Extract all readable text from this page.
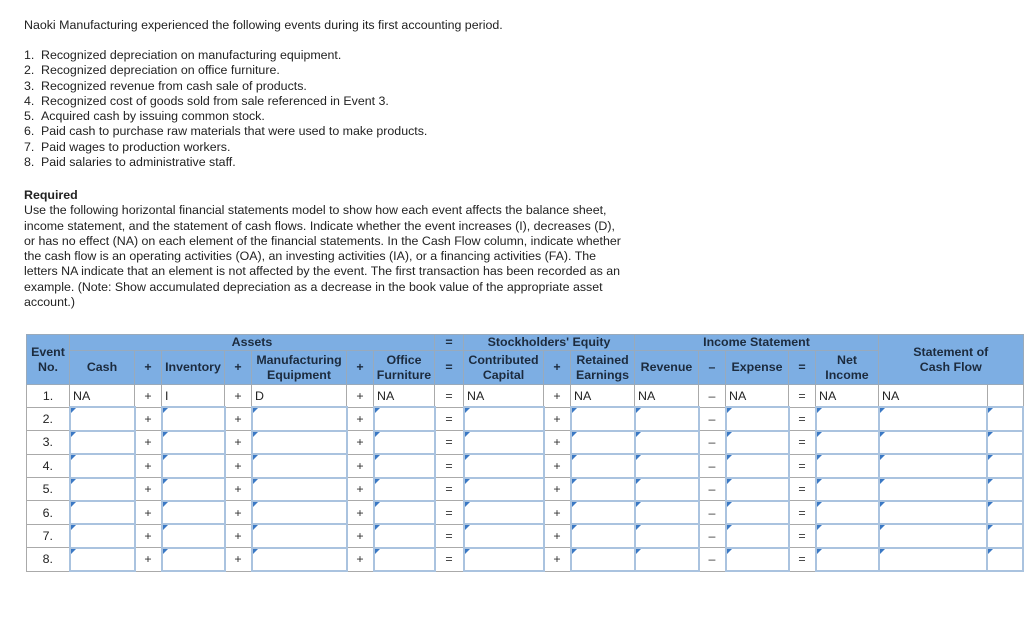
Naoki Manufacturing experienced the following events during its first accounting period.
1. Recognized depreciation on manufacturing equipment.
2. Recognized depreciation on office furniture.
3. Recognized revenue from cash sale of products.
4. Recognized cost of goods sold from sale referenced in Event 3.
5. Acquired cash by issuing common stock.
6. Paid cash to purchase raw materials that were used to make products.
7. Paid wages to production workers.
8. Paid salaries to administrative staff.
Required
Use the following horizontal financial statements model to show how each event affects the balance sheet, income statement, and the statement of cash flows. Indicate whether the event increases (I), decreases (D), or has no effect (NA) on each element of the financial statements. In the Cash Flow column, indicate whether the cash flow is an operating activities (OA), an investing activities (IA), or a financing activities (FA). The letters NA indicate that an element is not affected by the event. The first transaction has been recorded as an example. (Note: Show accumulated depreciation as a decrease in the book value of the appropriate asset account.)
Event No.	Assets							=	Stockholders' Equity			Income Statement					Statement of Cash Flow	
	Cash	+	Inventory	+	Manufacturing Equipment	+	Office Furniture	=	Contributed Capital	+	Retained Earnings	Revenue	–	Expense	=	Net Income		
1.	NA	+	I	+	D	+	NA	=	NA	+	NA	NA	–	NA	=	NA	NA	
2.		+		+		+		=		+			–		=			
3.		+		+		+		=		+			–		=			
4.		+		+		+		=		+			–		=			
5.		+		+		+		=		+			–		=			
6.		+		+		+		=		+			–		=			
7.		+		+		+		=		+			–		=			
8.		+		+		+		=		+			–		=			
